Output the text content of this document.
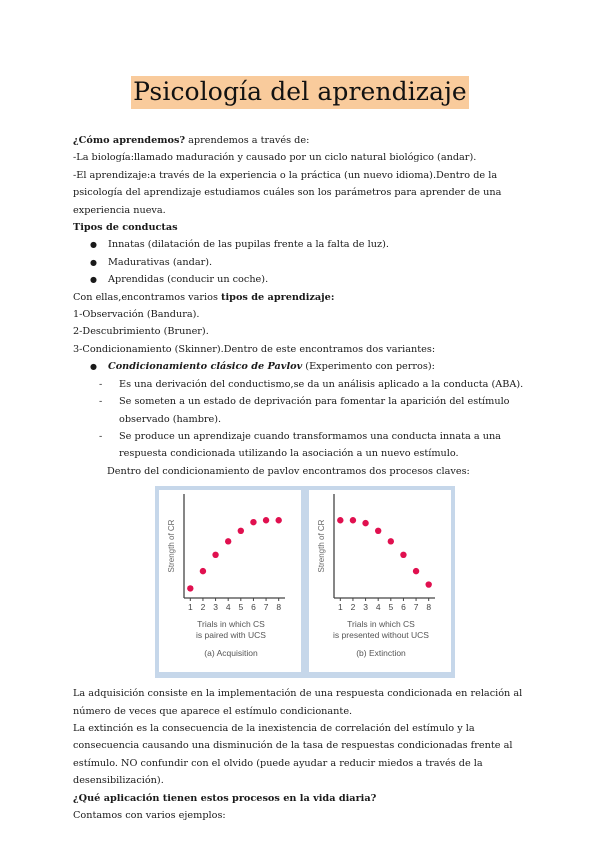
Psicología del aprendizaje

¿Cómo aprendemos? aprendemos a través de:

-La biología:llamado maduración y causado por un ciclo natural biológico (andar).

-El aprendizaje:a través de la experiencia o la práctica (un nuevo idioma).Dentro de la psicología del aprendizaje estudiamos cuáles son los parámetros para aprender de una experiencia nueva.

Tipos de conductas

● Innatas (dilatación de las pupilas frente a la falta de luz).
● Madurativas (andar).
● Aprendidas (conducir un coche).

Con ellas,encontramos varios tipos de aprendizaje:

1-Observación (Bandura).

2-Descubrimiento (Bruner).

3-Condicionamiento (Skinner).Dentro de este encontramos dos variantes:

● Condicionamiento clásico de Pavlov (Experimento con perros):
- Es una derivación del conductismo,se da un análisis aplicado a la conducta (ABA).
- Se someten a un estado de deprivación para fomentar la aparición del estímulo observado (hambre).
- Se produce un aprendizaje cuando transformamos una conducta innata a una respuesta condicionada utilizando la asociación a un nuevo estímulo.

Dentro del condicionamiento de pavlov encontramos dos procesos claves:

Strength of CR
1 2 3 4 5 6 7 8
Trials in which CS is paired with UCS
(a) Acquisition
Strength of CR
1 2 3 4 5 6 7 8
Trials in which CS is presented without UCS
(b) Extinction

La adquisición consiste en la implementación de una respuesta condicionada en relación al número de veces que aparece el estímulo condicionante.

La extinción es la consecuencia de la inexistencia de correlación del estímulo y la consecuencia causando una disminución de la tasa de respuestas condicionadas frente al estímulo. NO confundir con el olvido (puede ayudar a reducir miedos a través de la desensibilización).

¿Qué aplicación tienen estos procesos en la vida diaria?

Contamos con varios ejemplos:
